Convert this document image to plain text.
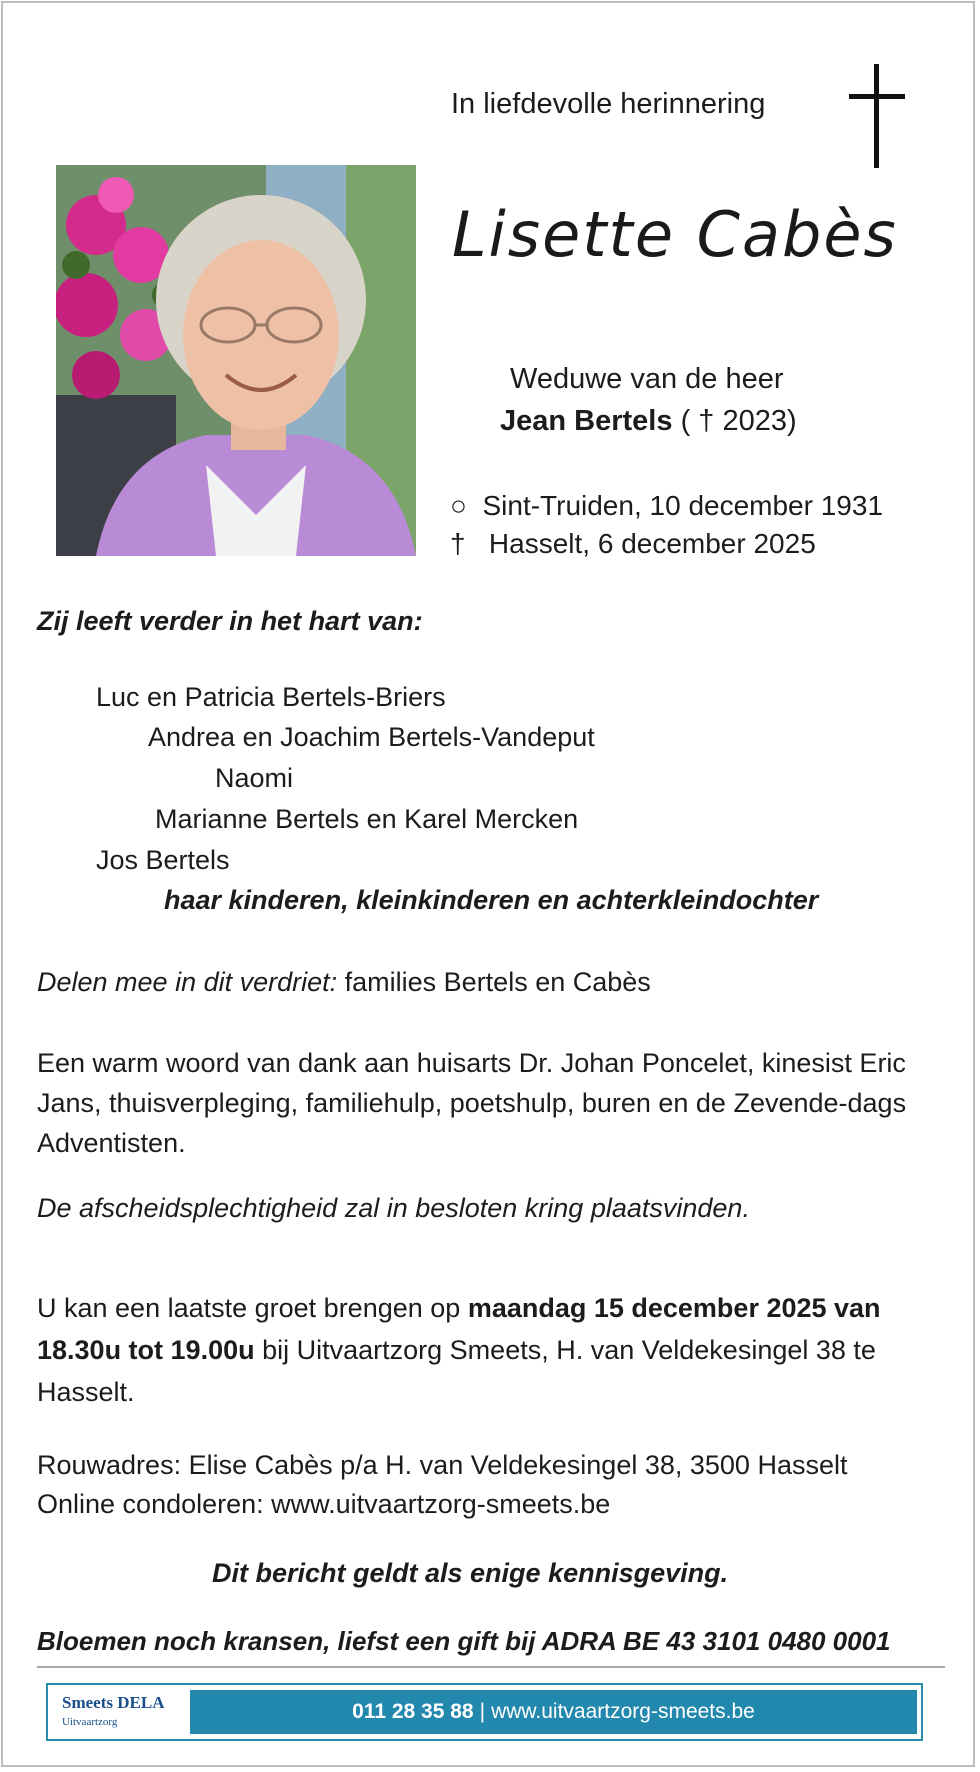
In liefdevolle herinnering
Lisette Cabès
Weduwe van de heer
Jean Bertels ( † 2023)
○ Sint-Truiden, 10 december 1931
† Hasselt, 6 december 2025
Zij leeft verder in het hart van:
Luc en Patricia Bertels-Briers
Andrea en Joachim Bertels-Vandeput
Naomi
Marianne Bertels en Karel Mercken
Jos Bertels
haar kinderen, kleinkinderen en achterkleindochter
Delen mee in dit verdriet: families Bertels en Cabès
Een warm woord van dank aan huisarts Dr. Johan Poncelet, kinesist Eric Jans, thuisverpleging, familiehulp, poetshulp, buren en de Zevende-dags Adventisten.
De afscheidsplechtigheid zal in besloten kring plaatsvinden.
U kan een laatste groet brengen op maandag 15 december 2025 van 18.30u tot 19.00u bij Uitvaartzorg Smeets, H. van Veldekesingel 38 te Hasselt.
Rouwadres: Elise Cabès p/a H. van Veldekesingel 38, 3500 Hasselt
Online condoleren: www.uitvaartzorg-smeets.be
Dit bericht geldt als enige kennisgeving.
Bloemen noch kransen, liefst een gift bij ADRA BE 43 3101 0480 0001
Smeets DELA
Uitvaartzorg	011 28 35 88 | www.uitvaartzorg-smeets.be
